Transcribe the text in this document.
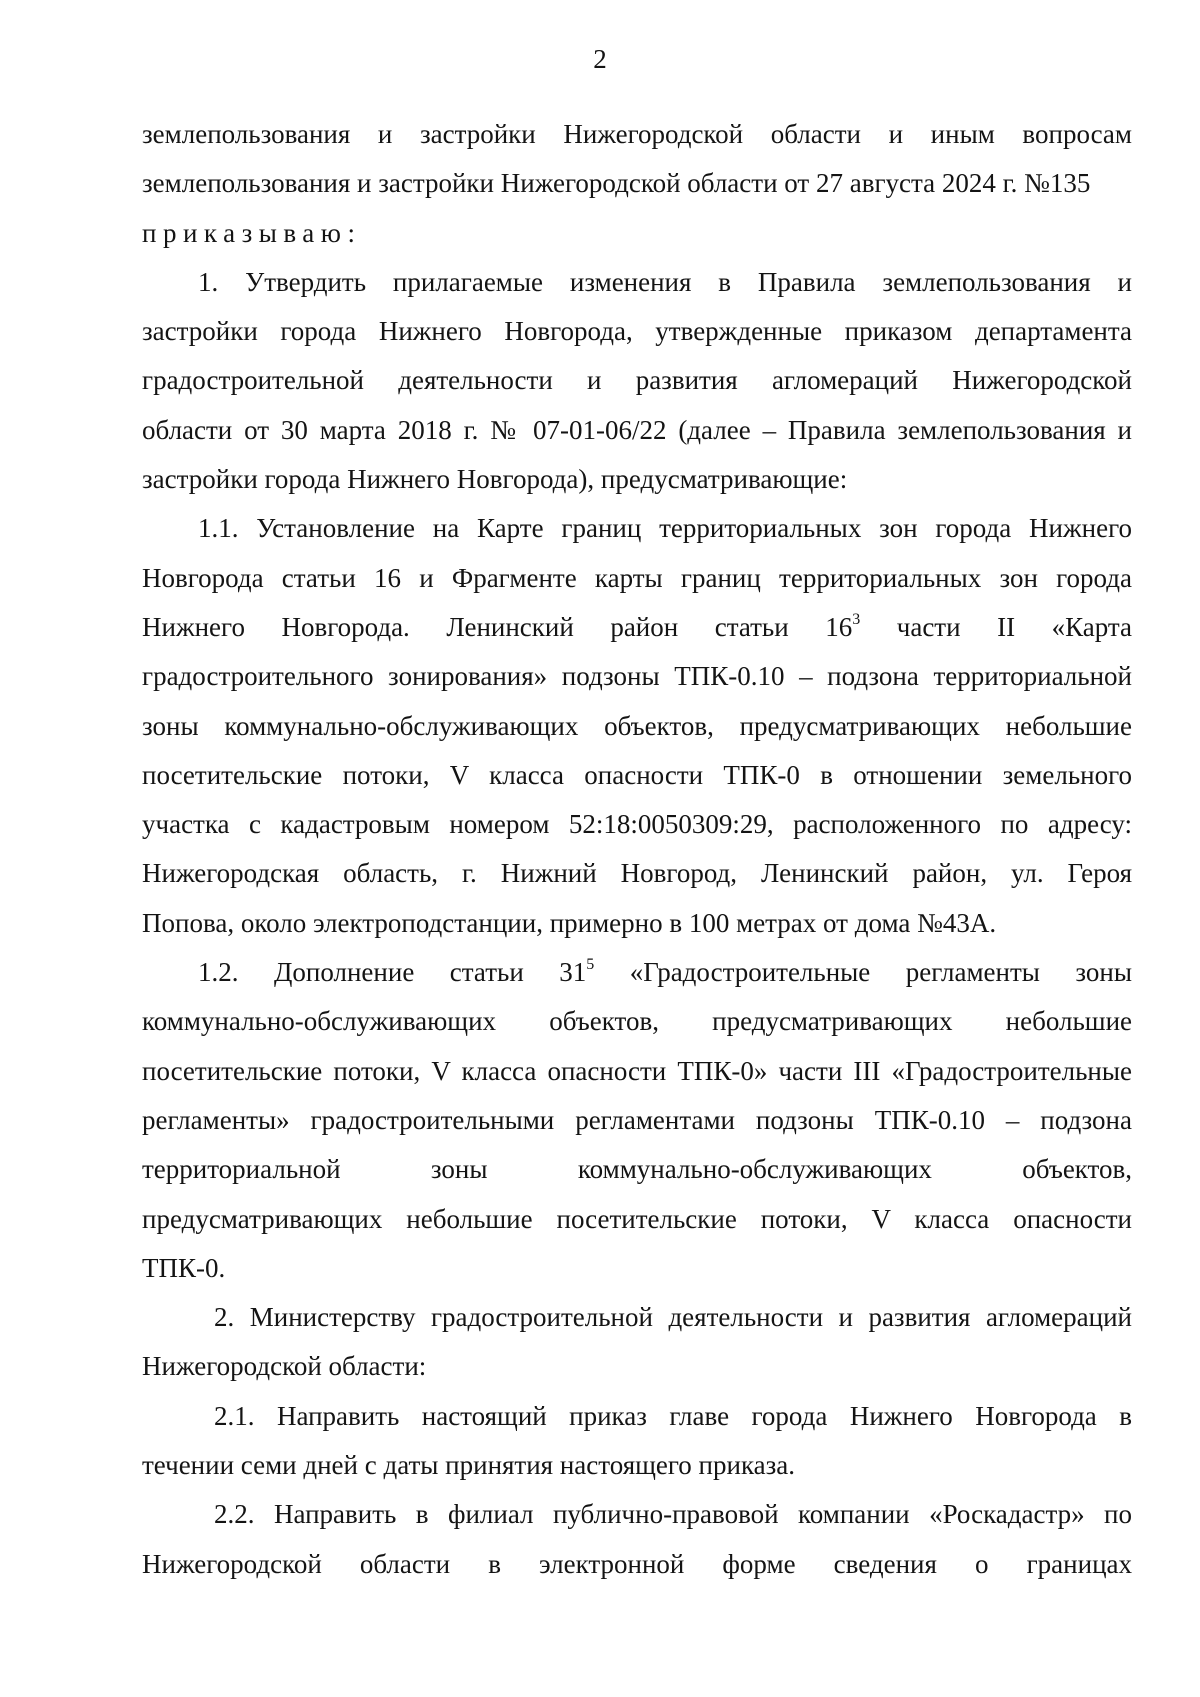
2
землепользования и застройки Нижегородской области и иным вопросам
землепользования и застройки Нижегородской области от 27 августа 2024 г. №135
приказываю:
1. Утвердить прилагаемые изменения в Правила землепользования и
застройки города Нижнего Новгорода, утвержденные приказом департамента
градостроительной деятельности и развития агломераций Нижегородской
области от 30 марта 2018 г. № 07-01-06/22 (далее – Правила землепользования и
застройки города Нижнего Новгорода), предусматривающие:
1.1. Установление на Карте границ территориальных зон города Нижнего
Новгорода статьи 16 и Фрагменте карты границ территориальных зон города
Нижнего Новгорода. Ленинский район статьи $16^3$ части II «Карта
градостроительного зонирования» подзоны ТПК-0.10 – подзона территориальной
зоны коммунально-обслуживающих объектов, предусматривающих небольшие
посетительские потоки, V класса опасности ТПК-0 в отношении земельного
участка с кадастровым номером 52:18:0050309:29, расположенного по адресу:
Нижегородская область, г. Нижний Новгород, Ленинский район, ул. Героя
Попова, около электроподстанции, примерно в 100 метрах от дома №43А.
1.2. Дополнение статьи $31^5$ «Градостроительные регламенты зоны
коммунально-обслуживающих объектов, предусматривающих небольшие
посетительские потоки, V класса опасности ТПК-0» части III «Градостроительные
регламенты» градостроительными регламентами подзоны ТПК-0.10 – подзона
территориальной зоны коммунально-обслуживающих объектов,
предусматривающих небольшие посетительские потоки, V класса опасности
ТПК-0.
2. Министерству градостроительной деятельности и развития агломераций
Нижегородской области:
2.1. Направить настоящий приказ главе города Нижнего Новгорода в
течении семи дней с даты принятия настоящего приказа.
2.2. Направить в филиал публично-правовой компании «Роскадастр» по
Нижегородской области в электронной форме сведения о границах
